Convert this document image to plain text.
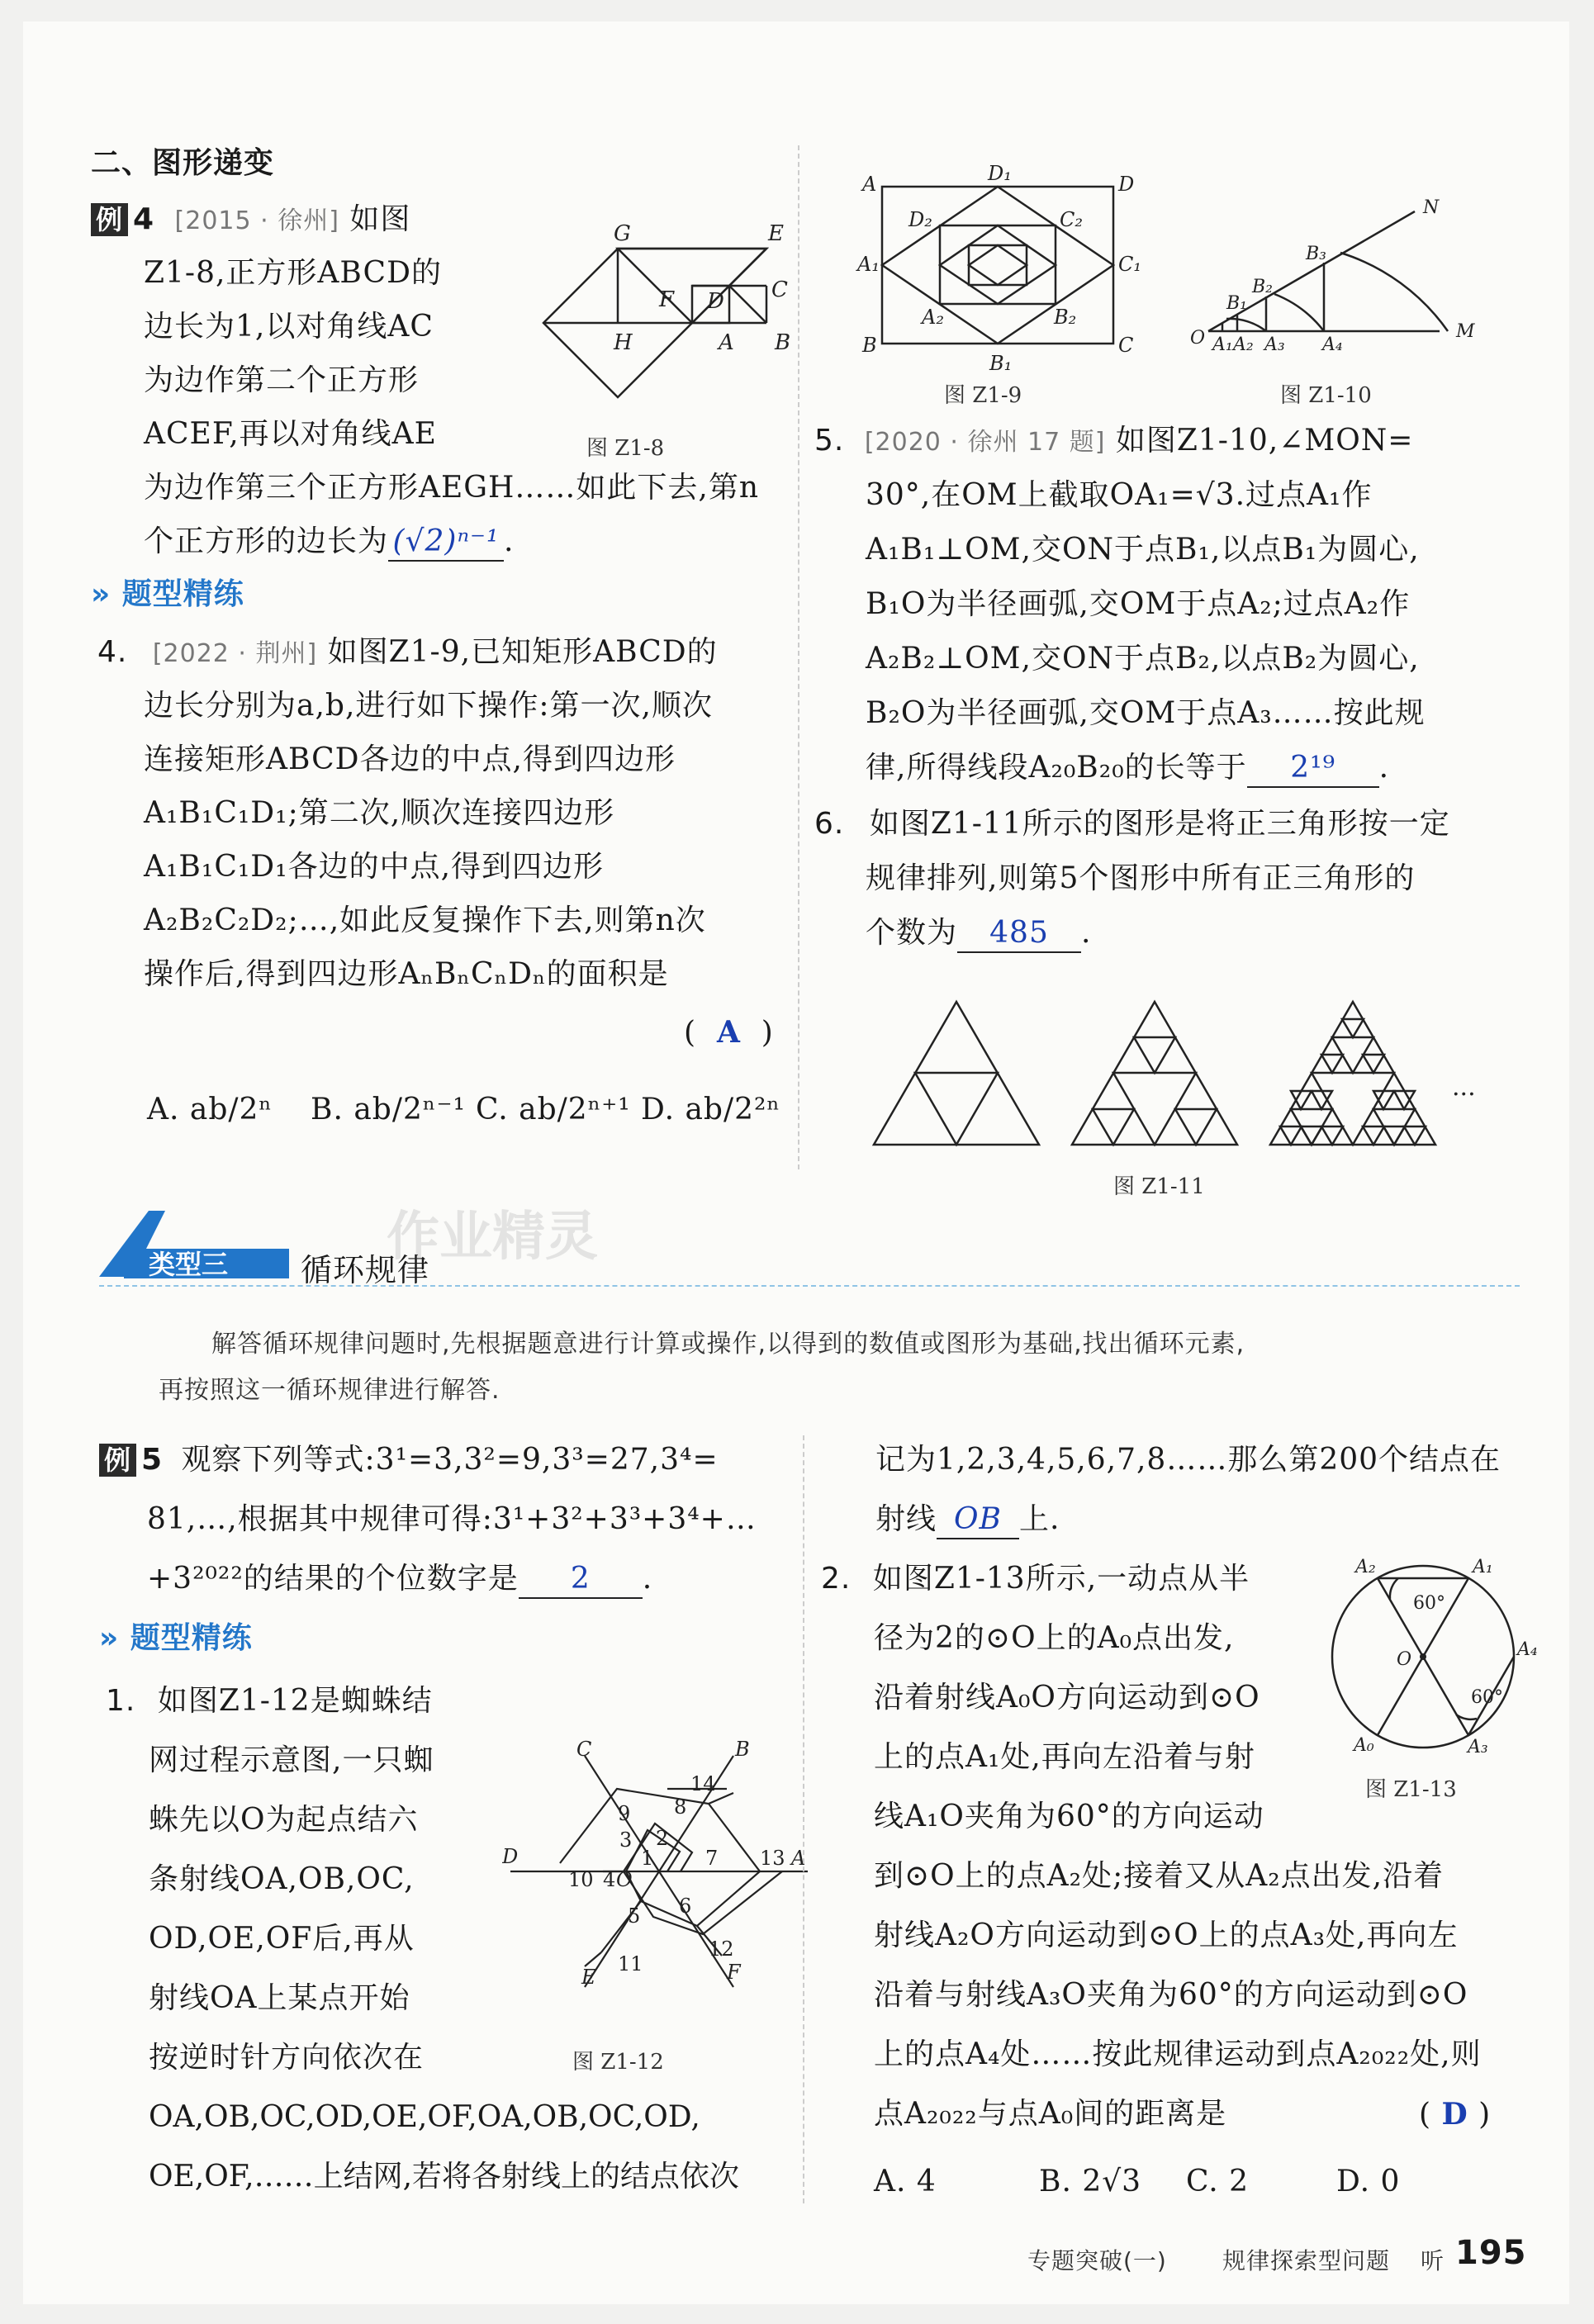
二、图形递变
例 4 [2015 · 徐州] 如图
Z1-8,正方形ABCD的
边长为1,以对角线AC
为边作第二个正方形
ACEF,再以对角线AE
为边作第三个正方形AEGH……如此下去,第n
个正方形的边长为 (√2)ⁿ⁻¹ .
G	E
F D C
H	A B
图 Z1-8
» 题型精练
4. [2022 · 荆州] 如图Z1-9,已知矩形ABCD的
边长分别为a,b,进行如下操作:第一次,顺次
连接矩形ABCD各边的中点,得到四边形
A₁B₁C₁D₁;第二次,顺次连接四边形
A₁B₁C₁D₁各边的中点,得到四边形
A₂B₂C₂D₂;…,如此反复操作下去,则第n次
操作后,得到四边形AₙBₙCₙDₙ的面积是
(  A  )
A. ab/2ⁿ B. ab/2ⁿ⁻¹ C. ab/2ⁿ⁺¹ D. ab/2²ⁿ
A	D
D₁
D₂	C₂
A₁	C₁
A₂	B₂
B	C
B₁
图 Z1-9
N
B₃
B₂
B₁
O A₁ A₂ A₃ A₄
M
图 Z1-10
5. [2020 · 徐州 17 题] 如图Z1-10,∠MON=
30°,在OM上截取OA₁=√3.过点A₁作
A₁B₁⊥OM,交ON于点B₁,以点B₁为圆心,
B₁O为半径画弧,交OM于点A₂;过点A₂作
A₂B₂⊥OM,交ON于点B₂,以点B₂为圆心,
B₂O为半径画弧,交OM于点A₃……按此规
律,所得线段A₂₀B₂₀的长等于 2¹⁹ .
6. 如图Z1-11所示的图形是将正三角形按一定
规律排列,则第5个图形中所有正三角形的
个数为 485 .
...
图 Z1-11
类型三 循环规律
作业精灵
解答循环规律问题时,先根据题意进行计算或操作,以得到的数值或图形为基础,找出循环元素,
再按照这一循环规律进行解答.
例 5 观察下列等式:3¹=3,3²=9,3³=27,3⁴=
81,…,根据其中规律可得:3¹+3²+3³+3⁴+…
+3²⁰²²的结果的个位数字是 2 .
» 题型精练
1. 如图Z1-12是蜘蛛结
网过程示意图,一只蜘
蛛先以O为起点结六
条射线OA,OB,OC,
OD,OE,OF后,再从
射线OA上某点开始
按逆时针方向依次在
OA,OB,OC,OD,OE,OF,OA,OB,OC,OD,
OE,OF,……上结网,若将各射线上的结点依次
C
14
B
9 8
3 2
D
10 4 O
1	7 13 A
5 6
11
12
E	F
图 Z1-12
记为1,2,3,4,5,6,7,8……那么第200个结点在
射线 OB 上.
2. 如图Z1-13所示,一动点从半
径为2的⊙O上的A₀点出发,
沿着射线A₀O方向运动到⊙O
上的点A₁处,再向左沿着与射
线A₁O夹角为60°的方向运动
到⊙O上的点A₂处;接着又从A₂点出发,沿着
射线A₂O方向运动到⊙O上的点A₃处,再向左
沿着与射线A₃O夹角为60°的方向运动到⊙O
上的点A₄处……按此规律运动到点A₂₀₂₂处,则
点A₂₀₂₂与点A₀间的距离是	( D )
A. 4	B. 2√3 C. 2	D. 0
A₂	A₁
60°
O	A₄
60°
A₀	A₃
图 Z1-13
专题突破(一) 规律探索型问题 听 195
